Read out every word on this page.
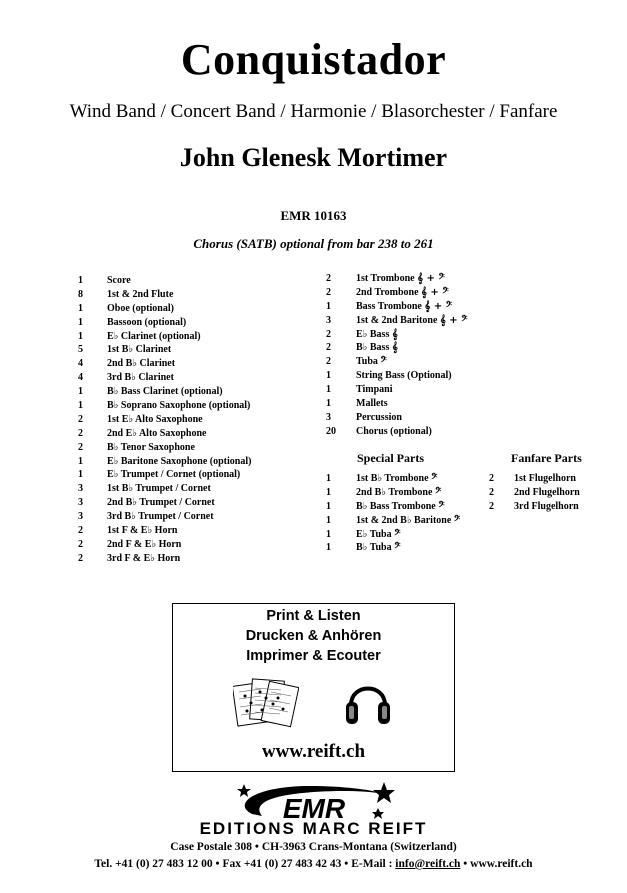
Conquistador
Wind Band / Concert Band / Harmonie / Blasorchester / Fanfare
John Glenesk Mortimer
EMR 10163
Chorus (SATB) optional from bar 238 to 261
1 Score
8 1st & 2nd Flute
1 Oboe (optional)
1 Bassoon (optional)
1 E♭ Clarinet (optional)
5 1st B♭ Clarinet
4 2nd B♭ Clarinet
4 3rd B♭ Clarinet
1 B♭ Bass Clarinet (optional)
1 B♭ Soprano Saxophone (optional)
2 1st E♭ Alto Saxophone
2 2nd E♭ Alto Saxophone
2 B♭ Tenor Saxophone
1 E♭ Baritone Saxophone (optional)
1 E♭ Trumpet / Cornet (optional)
3 1st B♭ Trumpet / Cornet
3 2nd B♭ Trumpet / Cornet
3 3rd B♭ Trumpet / Cornet
2 1st F & E♭ Horn
2 2nd F & E♭ Horn
2 3rd F & E♭ Horn
2	1st Trombone 𝄞 + 𝄢
2	2nd Trombone 𝄞 + 𝄢
1	Bass Trombone 𝄞 + 𝄢
3	1st & 2nd Baritone 𝄞 + 𝄢
2	E♭ Bass 𝄞
2	B♭ Bass 𝄞
2	Tuba 𝄢
1	String Bass (Optional)
1	Timpani
1	Mallets
3	Percussion
20 Chorus (optional)
Special Parts	Fanfare Parts
1	1st B♭ Trombone 𝄢
1	2nd B♭ Trombone 𝄢
1	B♭ Bass Trombone 𝄢
1	1st & 2nd B♭ Baritone 𝄢
1	E♭ Tuba 𝄢
1	B♭ Tuba 𝄢
2 1st Flugelhorn
2 2nd Flugelhorn
2 3rd Flugelhorn
Print & Listen
Drucken & Anhören
Imprimer & Ecouter
www.reift.ch
EMR
EDITIONS MARC REIFT
Case Postale 308 • CH-3963 Crans-Montana (Switzerland)
Tel. +41 (0) 27 483 12 00 • Fax +41 (0) 27 483 42 43 • E-Mail : info@reift.ch • www.reift.ch
